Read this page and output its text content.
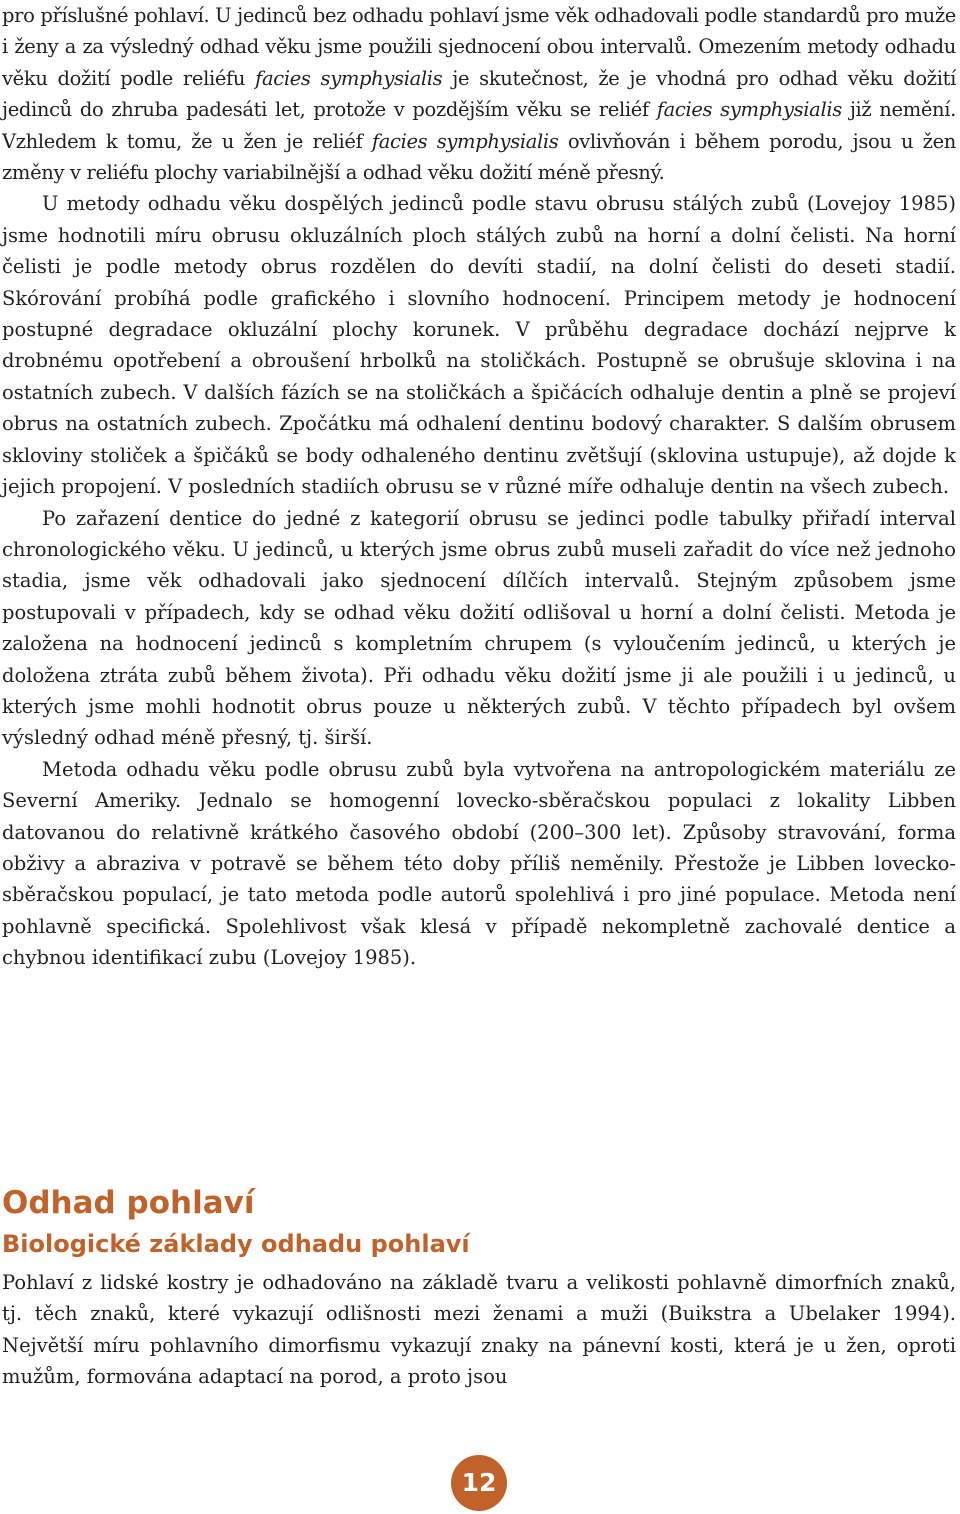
pro příslušné pohlaví. U jedinců bez odhadu pohlaví jsme věk odhadovali podle standardů pro muže i ženy a za výsledný odhad věku jsme použili sjednocení obou intervalů. Omezením metody odhadu věku dožití podle reliéfu facies symphysialis je skutečnost, že je vhodná pro odhad věku dožití jedinců do zhruba padesáti let, protože v pozdějším věku se reliéf facies symphysialis již nemění. Vzhledem k tomu, že u žen je reliéf facies symphysialis ovlivňován i během porodu, jsou u žen změny v reliéfu plochy variabilnější a odhad věku dožití méně přesný.

U metody odhadu věku dospělých jedinců podle stavu obrusu stálých zubů (Lovejoy 1985) jsme hodnotili míru obrusu okluzálních ploch stálých zubů na horní a dolní čelisti. Na horní čelisti je podle metody obrus rozdělen do devíti stadií, na dolní čelisti do deseti stadií. Skórování probíhá podle grafického i slovního hodnocení. Principem metody je hodnocení postupné degradace okluzální plochy korunek. V průběhu degradace dochází nejprve k drobnému opotřebení a obroušení hrbolků na stoličkách. Postupně se obrušuje sklovina i na ostatních zubech. V dalších fázích se na stoličkách a špičácích odhaluje dentin a plně se projeví obrus na ostatních zubech. Zpočátku má odhalení dentinu bodový charakter. S dalším obrusem skloviny stoliček a špičáků se body odhaleného dentinu zvětšují (sklovina ustupuje), až dojde k jejich propojení. V posledních stadiích obrusu se v různé míře odhaluje dentin na všech zubech.

Po zařazení dentice do jedné z kategorií obrusu se jedinci podle tabulky přiřadí interval chronologického věku. U jedinců, u kterých jsme obrus zubů museli zařadit do více než jednoho stadia, jsme věk odhadovali jako sjednocení dílčích intervalů. Stejným způsobem jsme postupovali v případech, kdy se odhad věku dožití odlišoval u horní a dolní čelisti. Metoda je založena na hodnocení jedinců s kompletním chrupem (s vyloučením jedinců, u kterých je doložena ztráta zubů během života). Při odhadu věku dožití jsme ji ale použili i u jedinců, u kterých jsme mohli hodnotit obrus pouze u některých zubů. V těchto případech byl ovšem výsledný odhad méně přesný, tj. širší.

Metoda odhadu věku podle obrusu zubů byla vytvořena na antropologickém materiálu ze Severní Ameriky. Jednalo se homogenní lovecko-sběračskou populaci z lokality Libben datovanou do relativně krátkého časového období (200–300 let). Způsoby stravování, forma obživy a abraziva v potravě se během této doby příliš neměnily. Přestože je Libben lovecko-sběračskou populací, je tato metoda podle autorů spolehlivá i pro jiné populace. Metoda není pohlavně specifická. Spolehlivost však klesá v případě nekompletně zachovalé dentice a chybnou identifikací zubu (Lovejoy 1985).

Odhad pohlaví
Biologické základy odhadu pohlaví

Pohlaví z lidské kostry je odhadováno na základě tvaru a velikosti pohlavně dimorfních znaků, tj. těch znaků, které vykazují odlišnosti mezi ženami a muži (Buikstra a Ubelaker 1994). Největší míru pohlavního dimorfismu vykazují znaky na pánevní kosti, která je u žen, oproti mužům, formována adaptací na porod, a proto jsou

12
